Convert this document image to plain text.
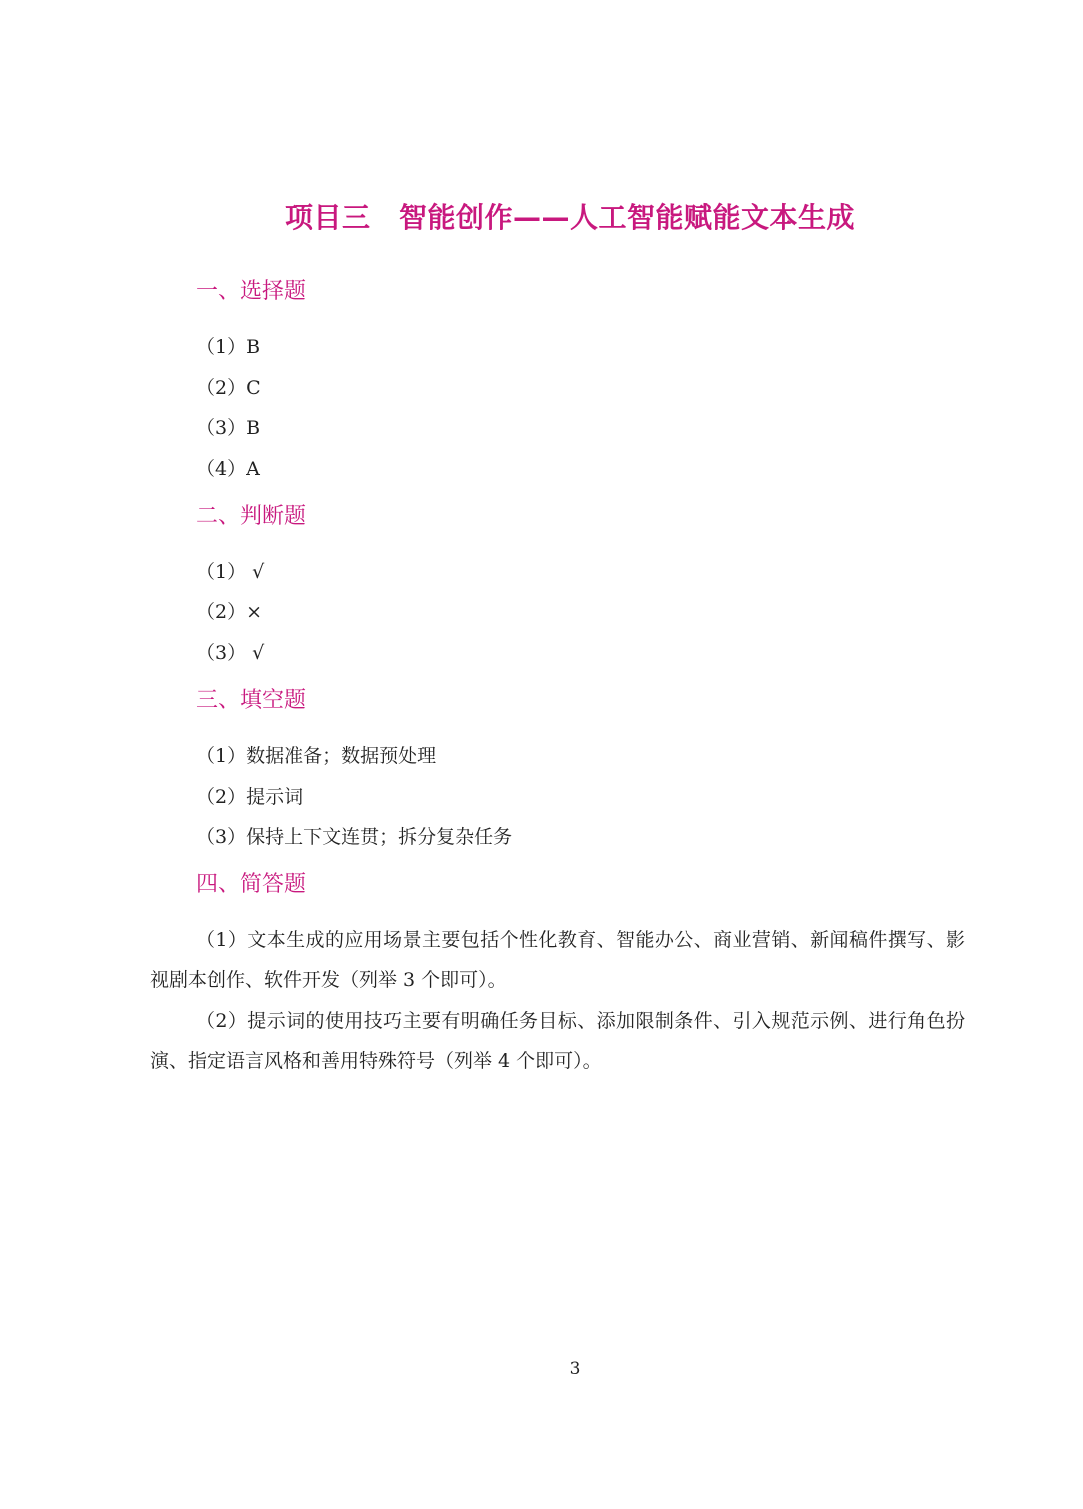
项目三　智能创作——人工智能赋能文本生成
一、选择题
（1）B
（2）C
（3）B
（4）A
二、判断题
（1） √
（2）×
（3） √
三、填空题
（1）数据准备；数据预处理
（2）提示词
（3）保持上下文连贯；拆分复杂任务
四、简答题
（1）文本生成的应用场景主要包括个性化教育、智能办公、商业营销、新闻稿件撰写、影视剧本创作、软件开发（列举 3 个即可）。
（2）提示词的使用技巧主要有明确任务目标、添加限制条件、引入规范示例、进行角色扮演、指定语言风格和善用特殊符号（列举 4 个即可）。
3
